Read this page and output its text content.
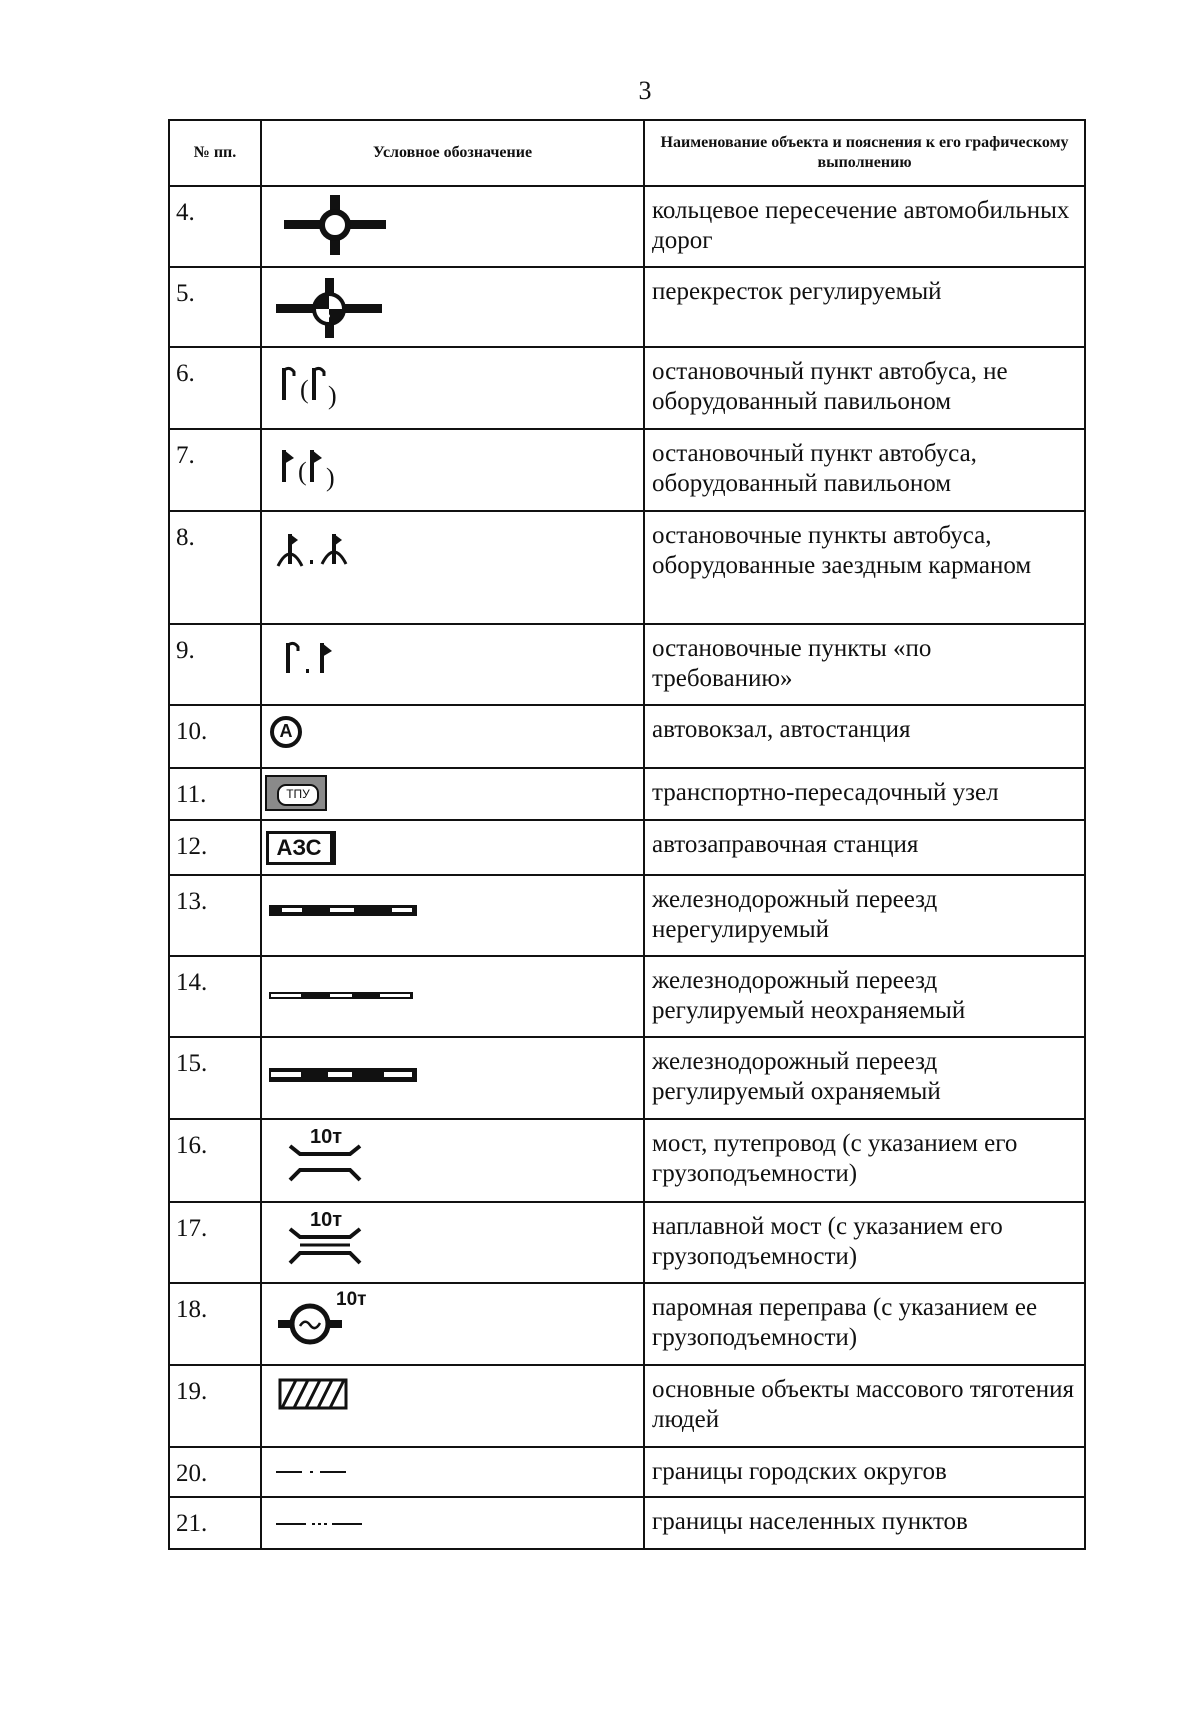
3
№ пп.	Условное обозначение	Наименование объекта и пояснения к его графическому выполнению
4.		кольцевое пересечение автомобильных дорог
5.		перекресток регулируемый
6.	( )	остановочный пункт автобуса, не оборудованный павильоном
7.	( )	остановочный пункт автобуса, оборудованный павильоном
8.		остановочные пункты автобуса, оборудованные заездным карманом
9.		остановочные пункты «по требованию»
10.	A	автовокзал, автостанция
11.	ТПУ	транспортно-пересадочный узел
12.	АЗС	автозаправочная станция
13.		железнодорожный переезд нерегулируемый
14.		железнодорожный переезд регулируемый неохраняемый
15.		железнодорожный переезд регулируемый охраняемый
16.	10т	мост, путепровод (с указанием его грузоподъемности)
17.	10т	наплавной мост (с указанием его грузоподъемности)
18.	10т	паромная переправа (с указанием ее грузоподъемности)
19.		основные объекты массового тяготения людей
20.		границы городских округов
21.		границы населенных пунктов
